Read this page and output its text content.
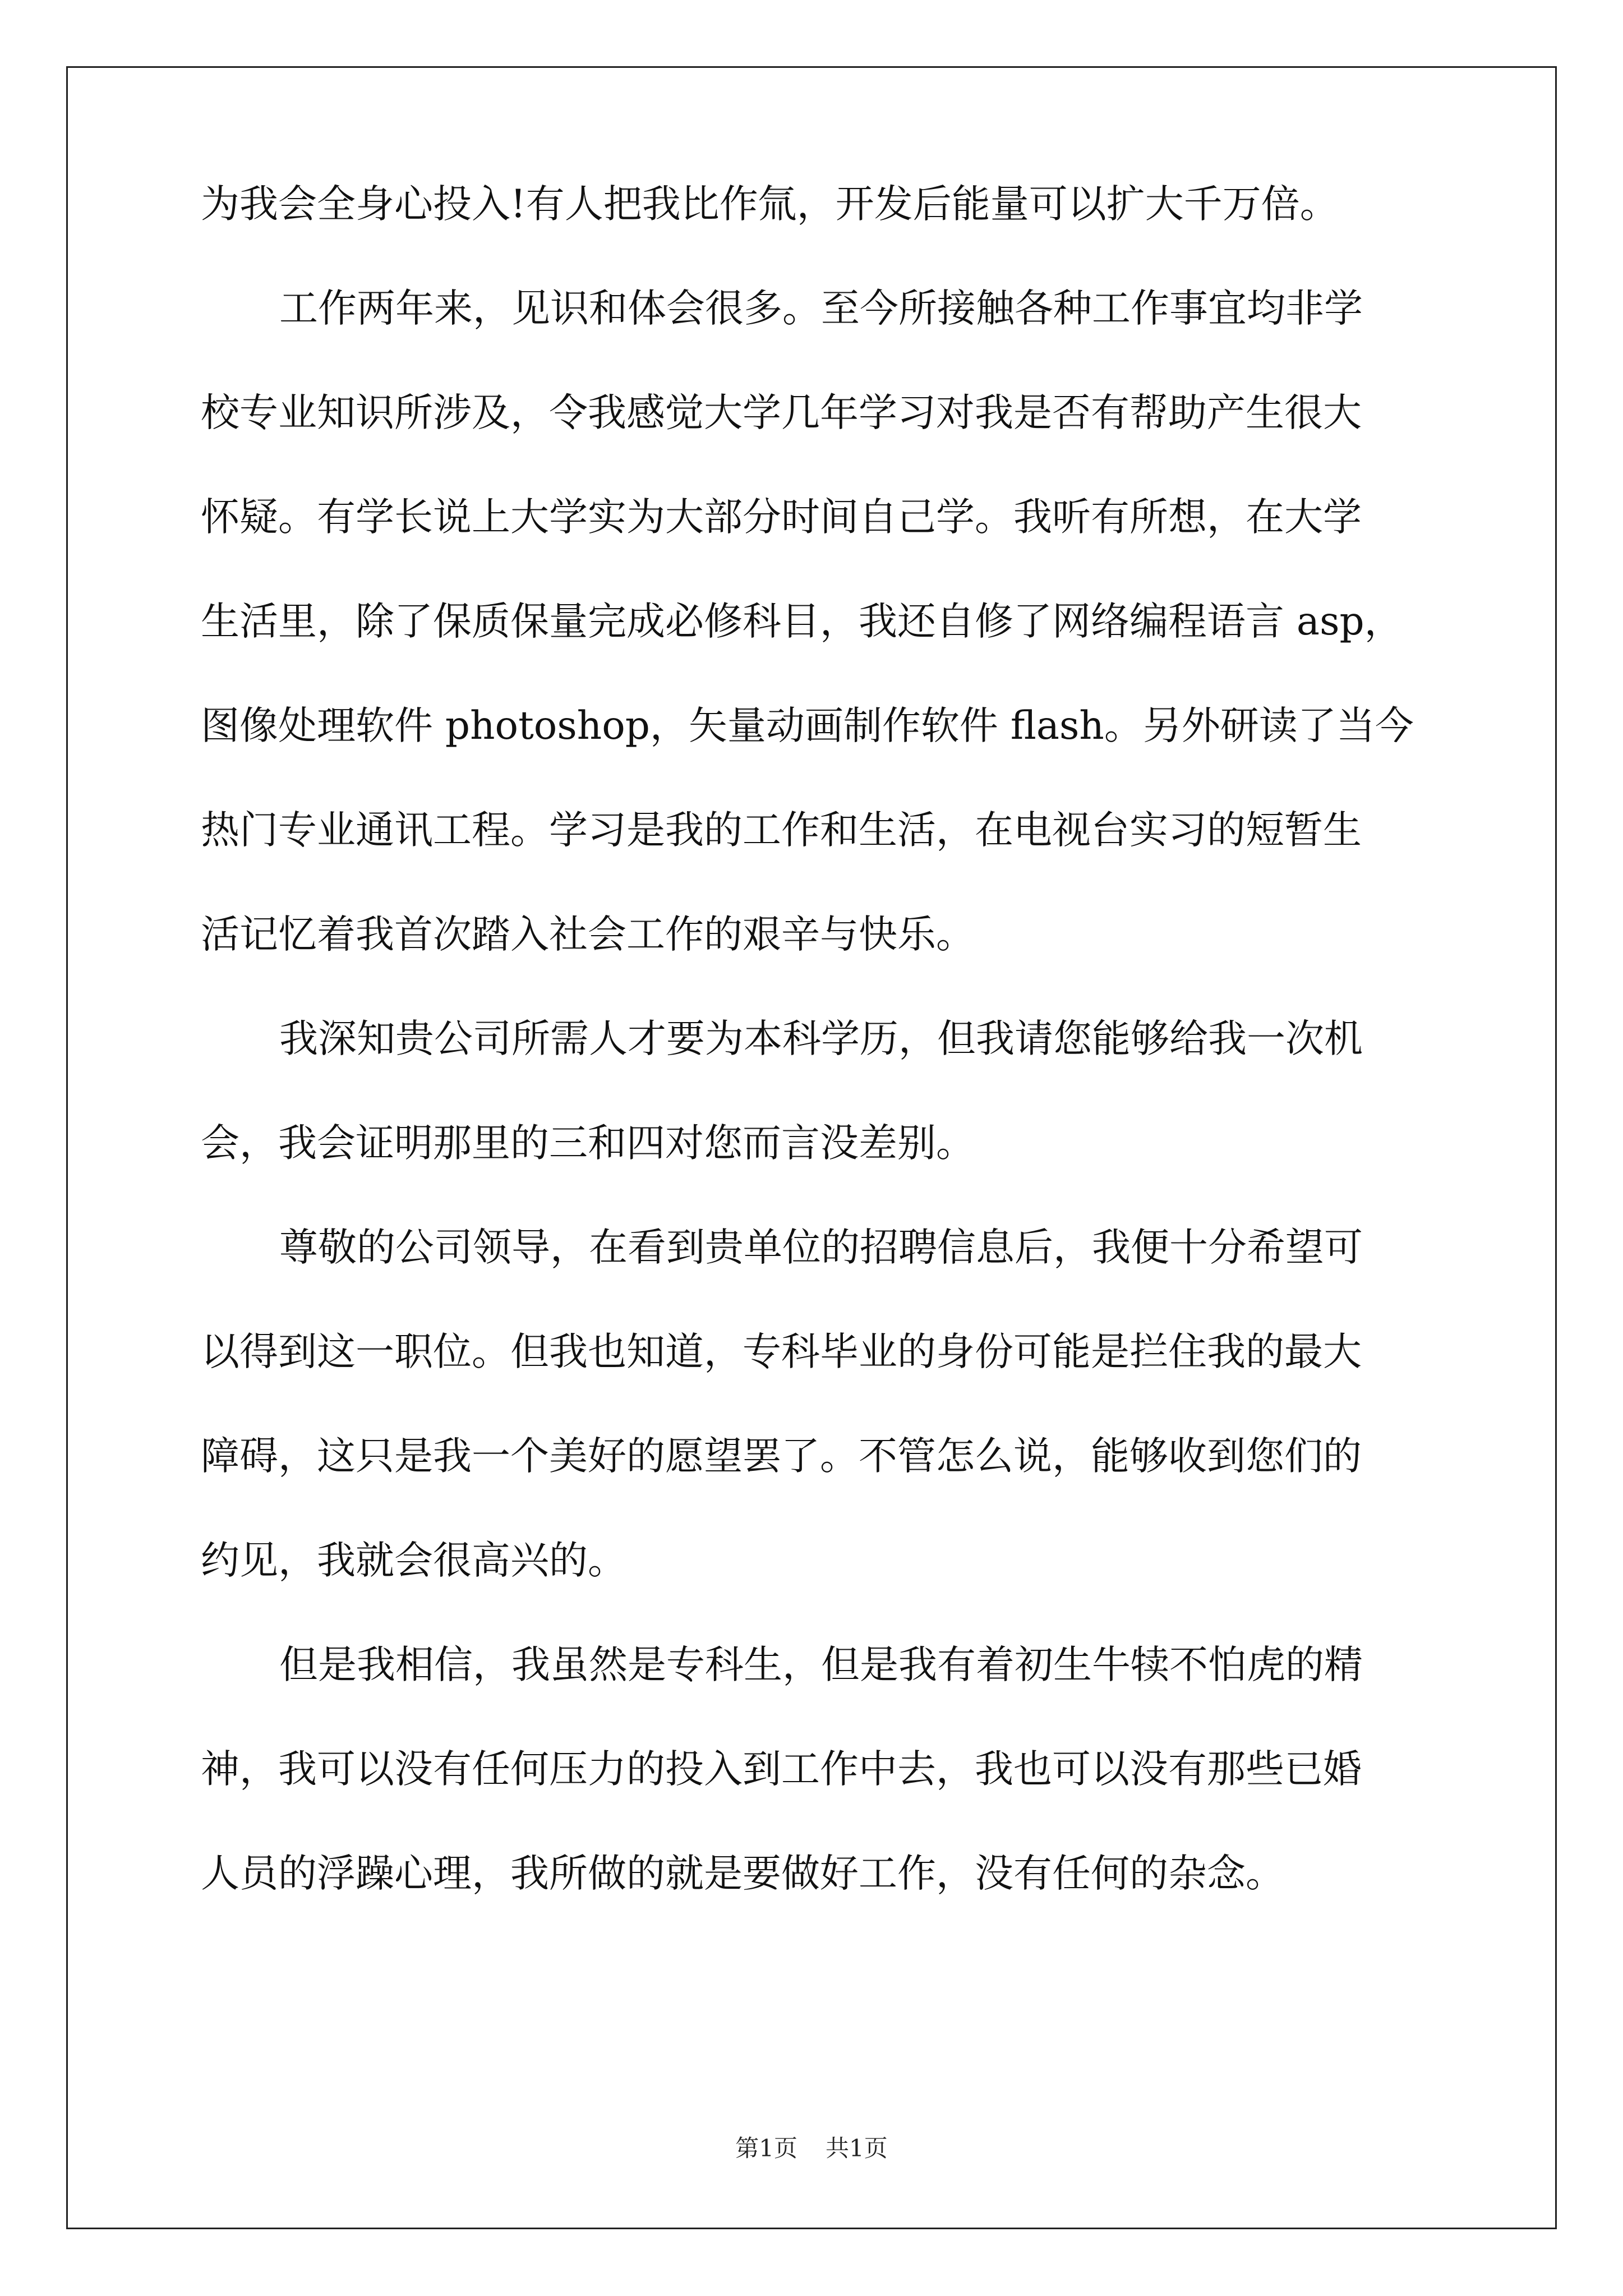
为我会全身心投入!有人把我比作氚，开发后能量可以扩大千万倍。

工作两年来，见识和体会很多。至今所接触各种工作事宜均非学

校专业知识所涉及，令我感觉大学几年学习对我是否有帮助产生很大

怀疑。有学长说上大学实为大部分时间自己学。我听有所想，在大学

生活里，除了保质保量完成必修科目，我还自修了网络编程语言 asp，

图像处理软件 photoshop，矢量动画制作软件 flash。另外研读了当今

热门专业通讯工程。学习是我的工作和生活，在电视台实习的短暂生

活记忆着我首次踏入社会工作的艰辛与快乐。

我深知贵公司所需人才要为本科学历，但我请您能够给我一次机

会，我会证明那里的三和四对您而言没差别。

尊敬的公司领导，在看到贵单位的招聘信息后，我便十分希望可

以得到这一职位。但我也知道，专科毕业的身份可能是拦住我的最大

障碍，这只是我一个美好的愿望罢了。不管怎么说，能够收到您们的

约见，我就会很高兴的。

但是我相信，我虽然是专科生，但是我有着初生牛犊不怕虎的精

神，我可以没有任何压力的投入到工作中去，我也可以没有那些已婚

人员的浮躁心理，我所做的就是要做好工作，没有任何的杂念。

第1页 共1页
